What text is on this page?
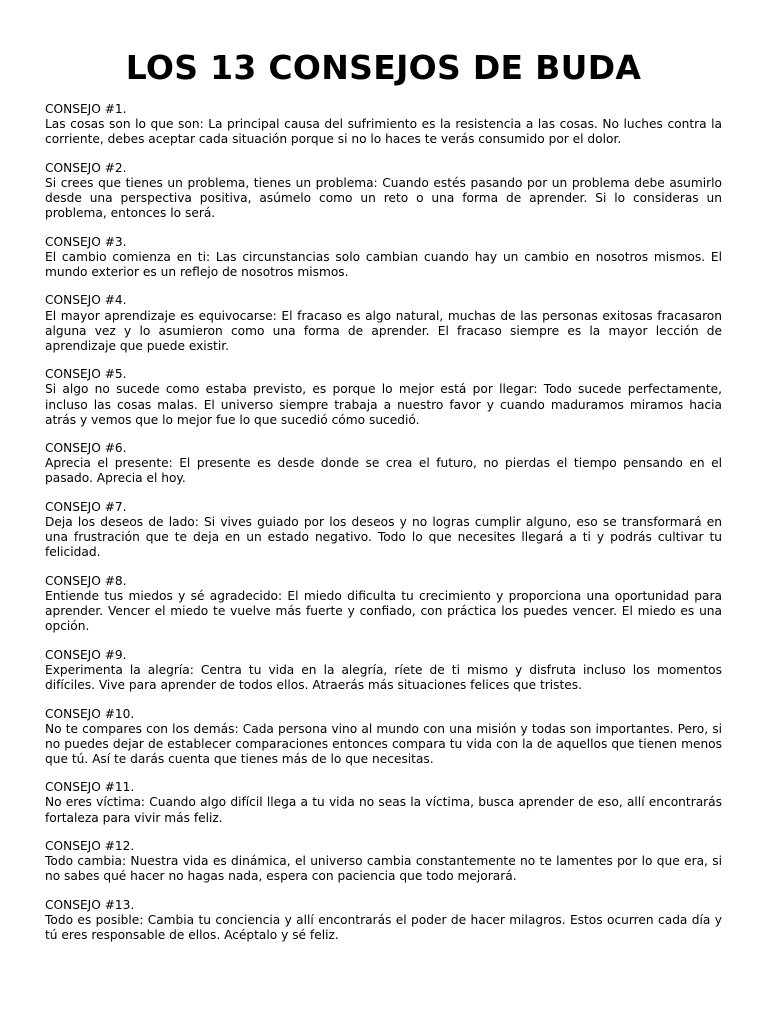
LOS 13 CONSEJOS DE BUDA
CONSEJO #1.
Las cosas son lo que son: La principal causa del sufrimiento es la resistencia a las cosas. No luches contra la corriente, debes aceptar cada situación porque si no lo haces te verás consumido por el dolor.
CONSEJO #2.
Si crees que tienes un problema, tienes un problema: Cuando estés pasando por un problema debe asumirlo desde una perspectiva positiva, asúmelo como un reto o una forma de aprender. Si lo consideras un problema, entonces lo será.
CONSEJO #3.
El cambio comienza en ti: Las circunstancias solo cambian cuando hay un cambio en nosotros mismos. El mundo exterior es un reflejo de nosotros mismos.
CONSEJO #4.
El mayor aprendizaje es equivocarse: El fracaso es algo natural, muchas de las personas exitosas fracasaron alguna vez y lo asumieron como una forma de aprender. El fracaso siempre es la mayor lección de aprendizaje que puede existir.
CONSEJO #5.
Si algo no sucede como estaba previsto, es porque lo mejor está por llegar: Todo sucede perfectamente, incluso las cosas malas. El universo siempre trabaja a nuestro favor y cuando maduramos miramos hacia atrás y vemos que lo mejor fue lo que sucedió cómo sucedió.
CONSEJO #6.
Aprecia el presente: El presente es desde donde se crea el futuro, no pierdas el tiempo pensando en el pasado. Aprecia el hoy.
CONSEJO #7.
Deja los deseos de lado: Si vives guiado por los deseos y no logras cumplir alguno, eso se transformará en una frustración que te deja en un estado negativo. Todo lo que necesites llegará a ti y podrás cultivar tu felicidad.
CONSEJO #8.
Entiende tus miedos y sé agradecido: El miedo dificulta tu crecimiento y proporciona una oportunidad para aprender. Vencer el miedo te vuelve más fuerte y confiado, con práctica los puedes vencer. El miedo es una opción.
CONSEJO #9.
Experimenta la alegría: Centra tu vida en la alegría, ríete de ti mismo y disfruta incluso los momentos difíciles. Vive para aprender de todos ellos. Atraerás más situaciones felices que tristes.
CONSEJO #10.
No te compares con los demás: Cada persona vino al mundo con una misión y todas son importantes. Pero, si no puedes dejar de establecer comparaciones entonces compara tu vida con la de aquellos que tienen menos que tú. Así te darás cuenta que tienes más de lo que necesitas.
CONSEJO #11.
No eres víctima: Cuando algo difícil llega a tu vida no seas la víctima, busca aprender de eso, allí encontrarás fortaleza para vivir más feliz.
CONSEJO #12.
Todo cambia: Nuestra vida es dinámica, el universo cambia constantemente no te lamentes por lo que era, si no sabes qué hacer no hagas nada, espera con paciencia que todo mejorará.
CONSEJO #13.
Todo es posible: Cambia tu conciencia y allí encontrarás el poder de hacer milagros. Estos ocurren cada día y tú eres responsable de ellos. Acéptalo y sé feliz.
